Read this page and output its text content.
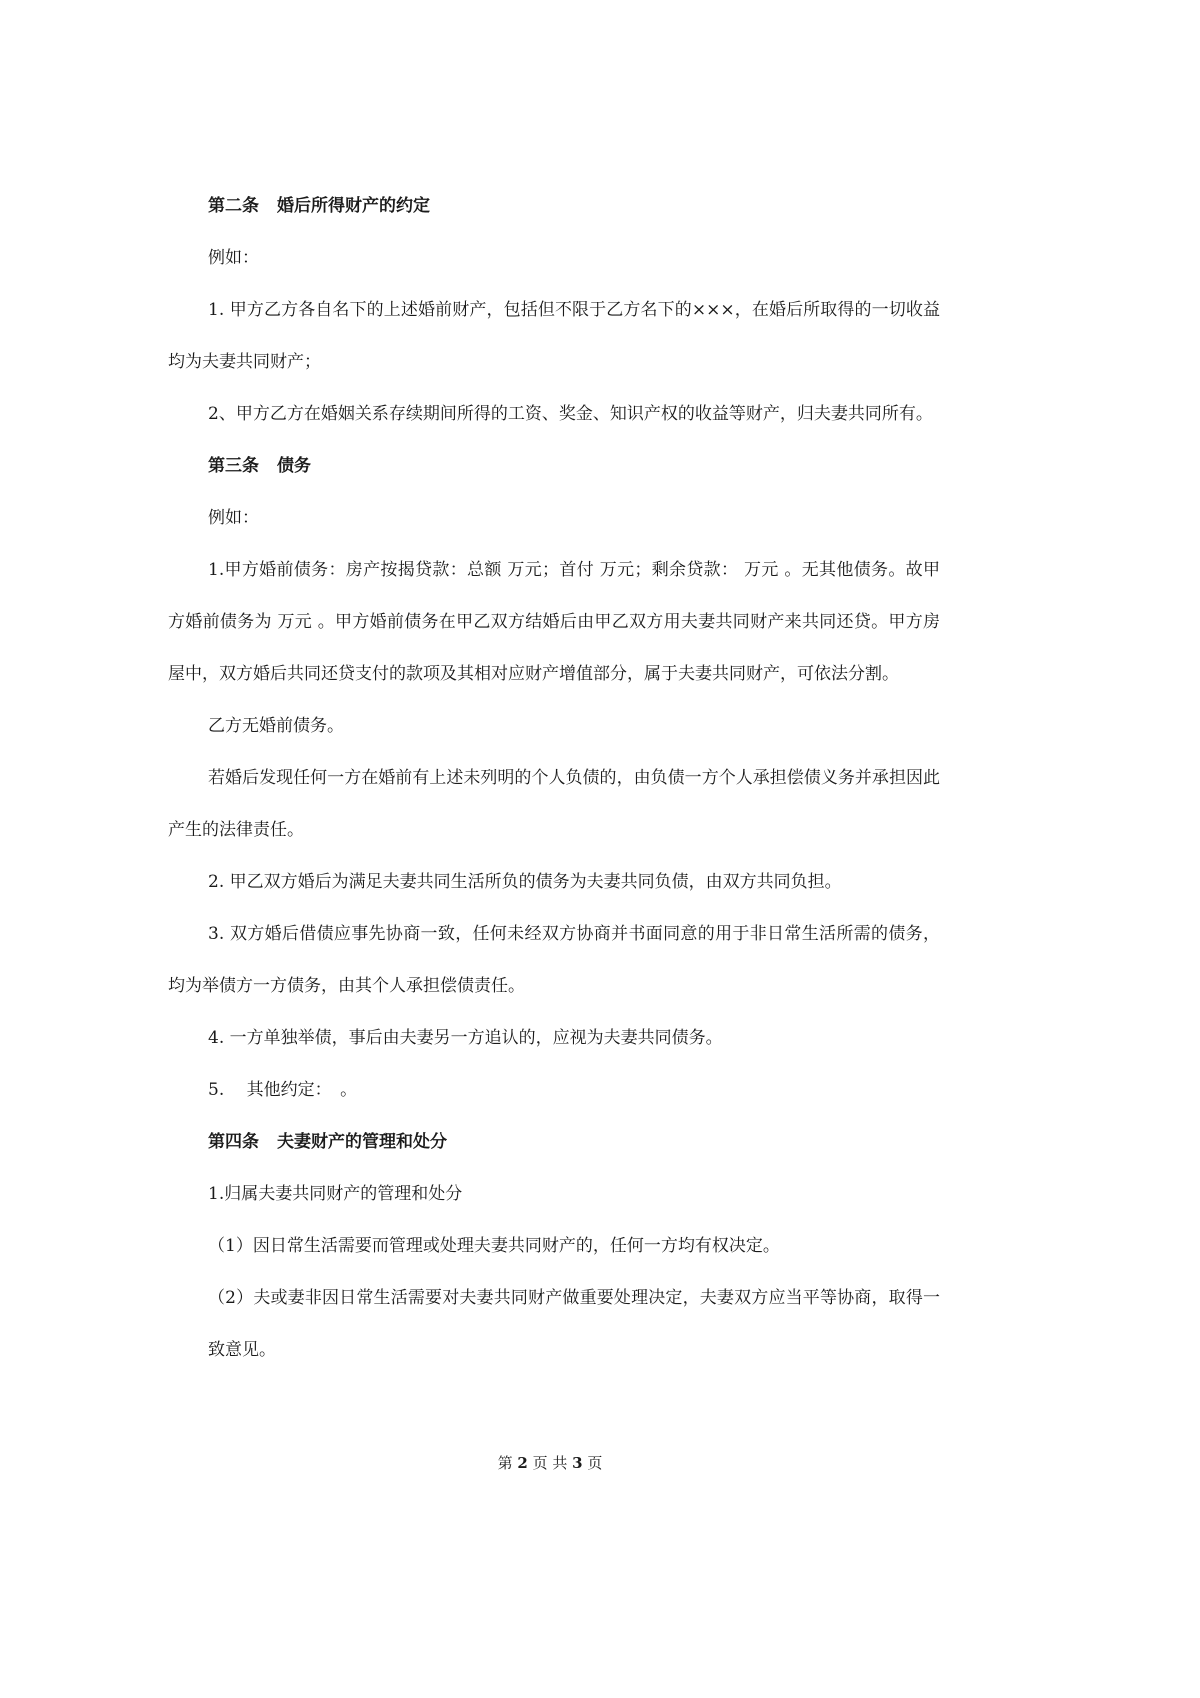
第二条 婚后所得财产的约定
例如：
1. 甲方乙方各自名下的上述婚前财产，包括但不限于乙方名下的×××，在婚后所取得的一切收益均为夫妻共同财产；
2、甲方乙方在婚姻关系存续期间所得的工资、奖金、知识产权的收益等财产，归夫妻共同所有。
第三条 债务
例如：
1.甲方婚前债务：房产按揭贷款：总额 万元；首付 万元；剩余贷款： 万元 。无其他债务。故甲方婚前债务为 万元 。甲方婚前债务在甲乙双方结婚后由甲乙双方用夫妻共同财产来共同还贷。甲方房屋中，双方婚后共同还贷支付的款项及其相对应财产增值部分，属于夫妻共同财产，可依法分割。
乙方无婚前债务。
若婚后发现任何一方在婚前有上述未列明的个人负债的，由负债一方个人承担偿债义务并承担因此产生的法律责任。
2. 甲乙双方婚后为满足夫妻共同生活所负的债务为夫妻共同负债，由双方共同负担。
3. 双方婚后借债应事先协商一致，任何未经双方协商并书面同意的用于非日常生活所需的债务，均为举债方一方债务，由其个人承担偿债责任。
4. 一方单独举债，事后由夫妻另一方追认的，应视为夫妻共同债务。
5.　 其他约定：　。
第四条 夫妻财产的管理和处分
1.归属夫妻共同财产的管理和处分
（1）因日常生活需要而管理或处理夫妻共同财产的，任何一方均有权决定。
（2）夫或妻非因日常生活需要对夫妻共同财产做重要处理决定，夫妻双方应当平等协商，取得一致意见。
第 2 页 共 3 页
